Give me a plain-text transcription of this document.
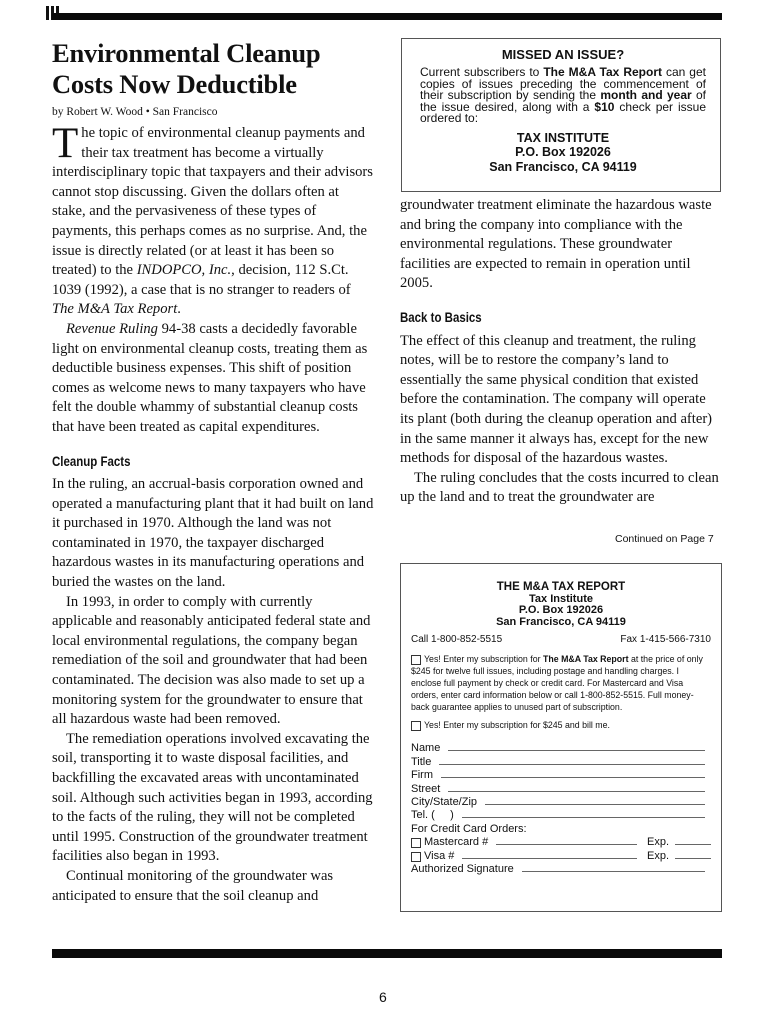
Environmental Cleanup
Costs Now Deductible

by Robert W. Wood • San Francisco

The topic of environmental cleanup payments and their tax treatment has become a virtually interdisciplinary topic that taxpayers and their advisors cannot stop discussing. Given the dollars often at stake, and the pervasiveness of these types of payments, this perhaps comes as no surprise. And, the issue is directly related (or at least it has been so treated) to the INDOPCO, Inc., decision, 112 S.Ct. 1039 (1992), a case that is no stranger to readers of The M&A Tax Report.

Revenue Ruling 94-38 casts a decidedly favorable light on environmental cleanup costs, treating them as deductible business expenses. This shift of position comes as welcome news to many taxpayers who have felt the double whammy of substantial cleanup costs that have been treated as capital expenditures.

Cleanup Facts

In the ruling, an accrual-basis corporation owned and operated a manufacturing plant that it had built on land it purchased in 1970. Although the land was not contaminated in 1970, the taxpayer discharged hazardous wastes in its manufacturing operations and buried the wastes on the land.

In 1993, in order to comply with currently applicable and reasonably anticipated federal state and local environmental regulations, the company began remediation of the soil and groundwater that had been contaminated. The decision was also made to set up a monitoring system for the groundwater to ensure that all hazardous waste had been removed.

The remediation operations involved excavating the soil, transporting it to waste disposal facilities, and backfilling the excavated areas with uncontaminated soil. Although such activities began in 1993, according to the facts of the ruling, they will not be completed until 1995. Construction of the groundwater treatment facilities also began in 1993.

Continual monitoring of the groundwater was anticipated to ensure that the soil cleanup and

MISSED AN ISSUE?

Current subscribers to The M&A Tax Report can get copies of issues preceding the commencement of their subscription by sending the month and year of the issue desired, along with a $10 check per issue ordered to:

TAX INSTITUTE
P.O. Box 192026
San Francisco, CA 94119

groundwater treatment eliminate the hazardous waste and bring the company into compliance with the environmental regulations. These groundwater facilities are expected to remain in operation until 2005.

Back to Basics

The effect of this cleanup and treatment, the ruling notes, will be to restore the company’s land to essentially the same physical condition that existed before the contamination. The company will operate its plant (both during the cleanup operation and after) in the same manner it always has, except for the new methods for disposal of the hazardous wastes.

The ruling concludes that the costs incurred to clean up the land and to treat the groundwater are

Continued on Page 7
THE M&A TAX REPORT
Tax Institute
P.O. Box 192026
San Francisco, CA 94119
Call 1-800-852-5515	Fax 1-415-566-7310

Yes! Enter my subscription for The M&A Tax Report at the price of only $245 for twelve full issues, including postage and handling charges. I enclose full payment by check or credit card. For Mastercard and Visa orders, enter card information below or call 1-800-852-5515. Full money-back guarantee applies to unused part of subscription.

Yes! Enter my subscription for $245 and bill me.

Name
Title
Firm
Street
City/State/Zip
Tel. (     )
For Credit Card Orders:
Mastercard #	Exp.
Visa #	Exp.
Authorized Signature
6
